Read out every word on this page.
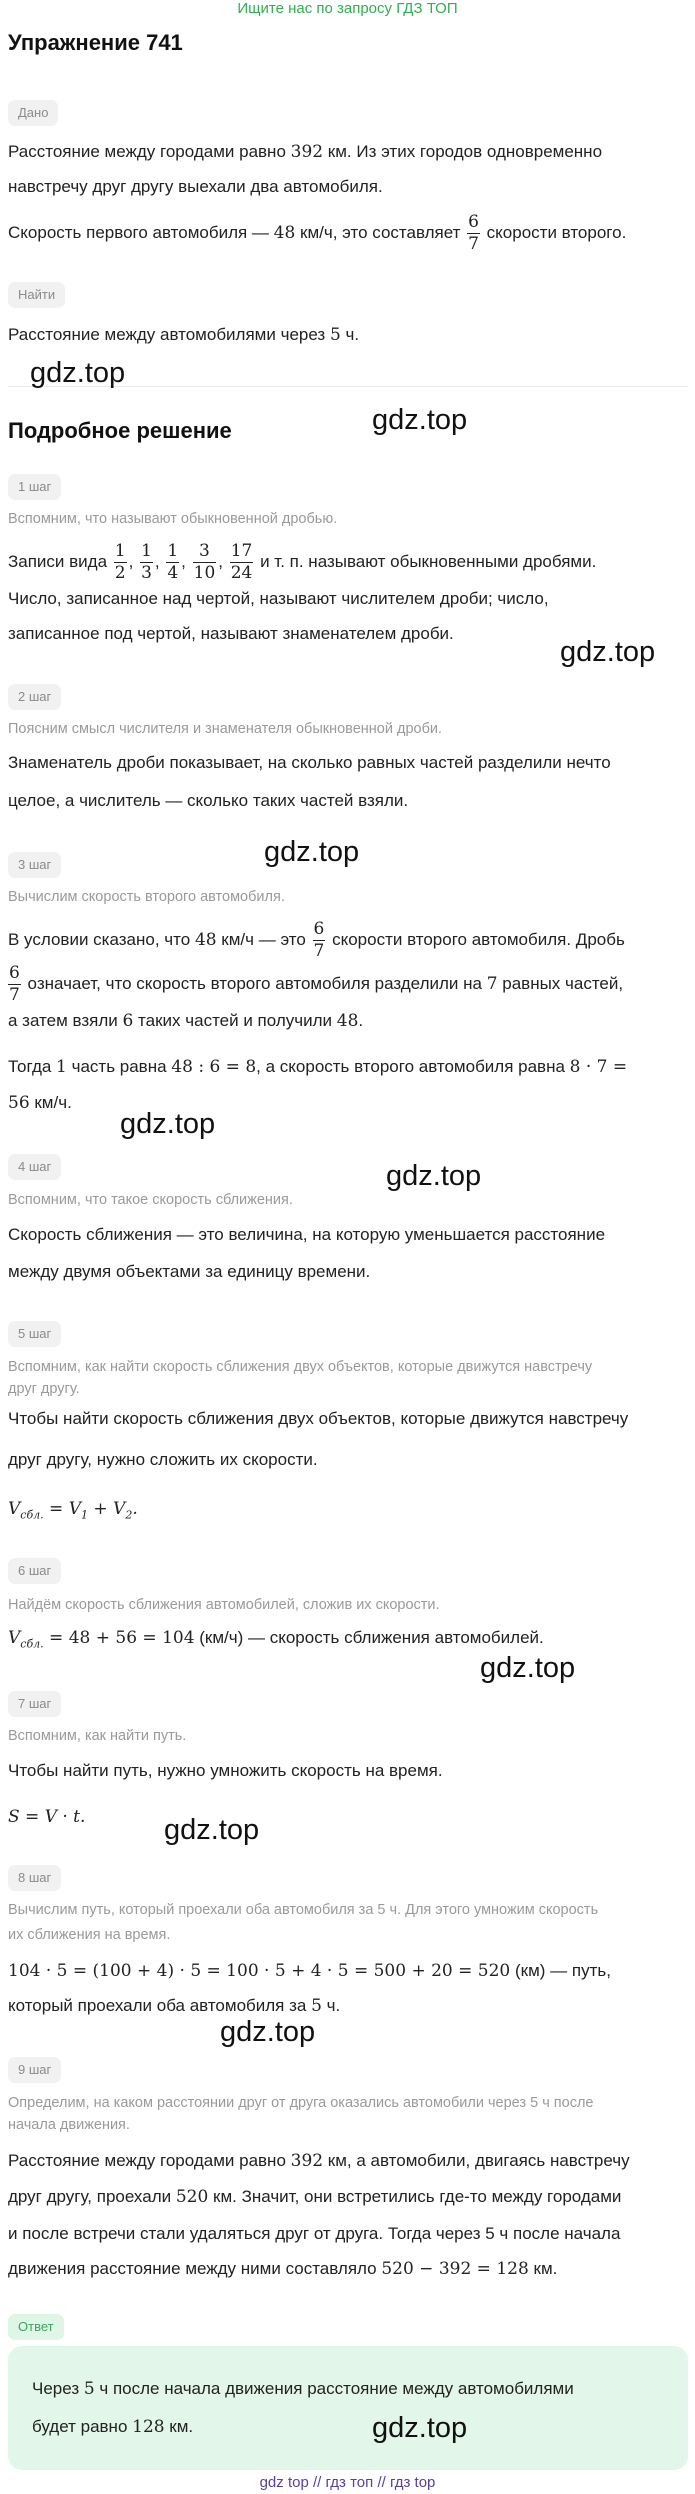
Ищите нас по запросу ГДЗ ТОП
Упражнение 741
Дано
Расстояние между городами равно 392 км. Из этих городов одновременно
навстречу друг другу выехали два автомобиля.
Скорость первого автомобиля — 48 км/ч, это составляет $\frac{6}{7}$ скорости второго.
Найти
Расстояние между автомобилями через 5 ч.
Подробное решение
1 шаг
Вспомним, что называют обыкновенной дробью.
Записи вида $\frac{1}{2}$ , $\frac{1}{3}$ , $\frac{1}{4}$ , $\frac{3}{10}$ , $\frac{17}{24}$ и т. п. называют обыкновенными дробями.
Число, записанное над чертой, называют числителем дроби; число,
записанное под чертой, называют знаменателем дроби.
2 шаг
Поясним смысл числителя и знаменателя обыкновенной дроби.
Знаменатель дроби показывает, на сколько равных частей разделили нечто
целое, а числитель — сколько таких частей взяли.
3 шаг
Вычислим скорость второго автомобиля.
В условии сказано, что 48 км/ч — это $\frac{6}{7}$ скорости второго автомобиля. Дробь
$\frac{6}{7}$ означает, что скорость второго автомобиля разделили на 7 равных частей,
а затем взяли 6 таких частей и получили 48.
Тогда 1 часть равна 48 : 6 = 8, а скорость второго автомобиля равна 8 · 7 =
56 км/ч.
4 шаг
Вспомним, что такое скорость сближения.
Скорость сближения — это величина, на которую уменьшается расстояние
между двумя объектами за единицу времени.
5 шаг
Вспомним, как найти скорость сближения двух объектов, которые движутся навстречу
друг другу.
Чтобы найти скорость сближения двух объектов, которые движутся навстречу
друг другу, нужно сложить их скорости.
$V_{сбл.} = V_1 + V_2$.
6 шаг
Найдём скорость сближения автомобилей, сложив их скорости.
$V_{сбл.} = 48 + 56 = 104$ (км/ч) — скорость сближения автомобилей.
7 шаг
Вспомним, как найти путь.
Чтобы найти путь, нужно умножить скорость на время.
S = V · t.
8 шаг
Вычислим путь, который проехали оба автомобиля за 5 ч. Для этого умножим скорость
их сближения на время.
104 · 5 = (100 + 4) · 5 = 100 · 5 + 4 · 5 = 500 + 20 = 520 (км) — путь,
который проехали оба автомобиля за 5 ч.
9 шаг
Определим, на каком расстоянии друг от друга оказались автомобили через 5 ч после
начала движения.
Расстояние между городами равно 392 км, а автомобили, двигаясь навстречу
друг другу, проехали 520 км. Значит, они встретились где-то между городами
и после встречи стали удаляться друг от друга. Тогда через 5 ч после начала
движения расстояние между ними составляло 520 − 392 = 128 км.
Ответ
Через 5 ч после начала движения расстояние между автомобилями
будет равно 128 км.
gdz.top
gdz.top
gdz.top
gdz.top
gdz.top
gdz.top
gdz.top
gdz.top
gdz.top
gdz.top
gdz top // гдз топ // гдз top
